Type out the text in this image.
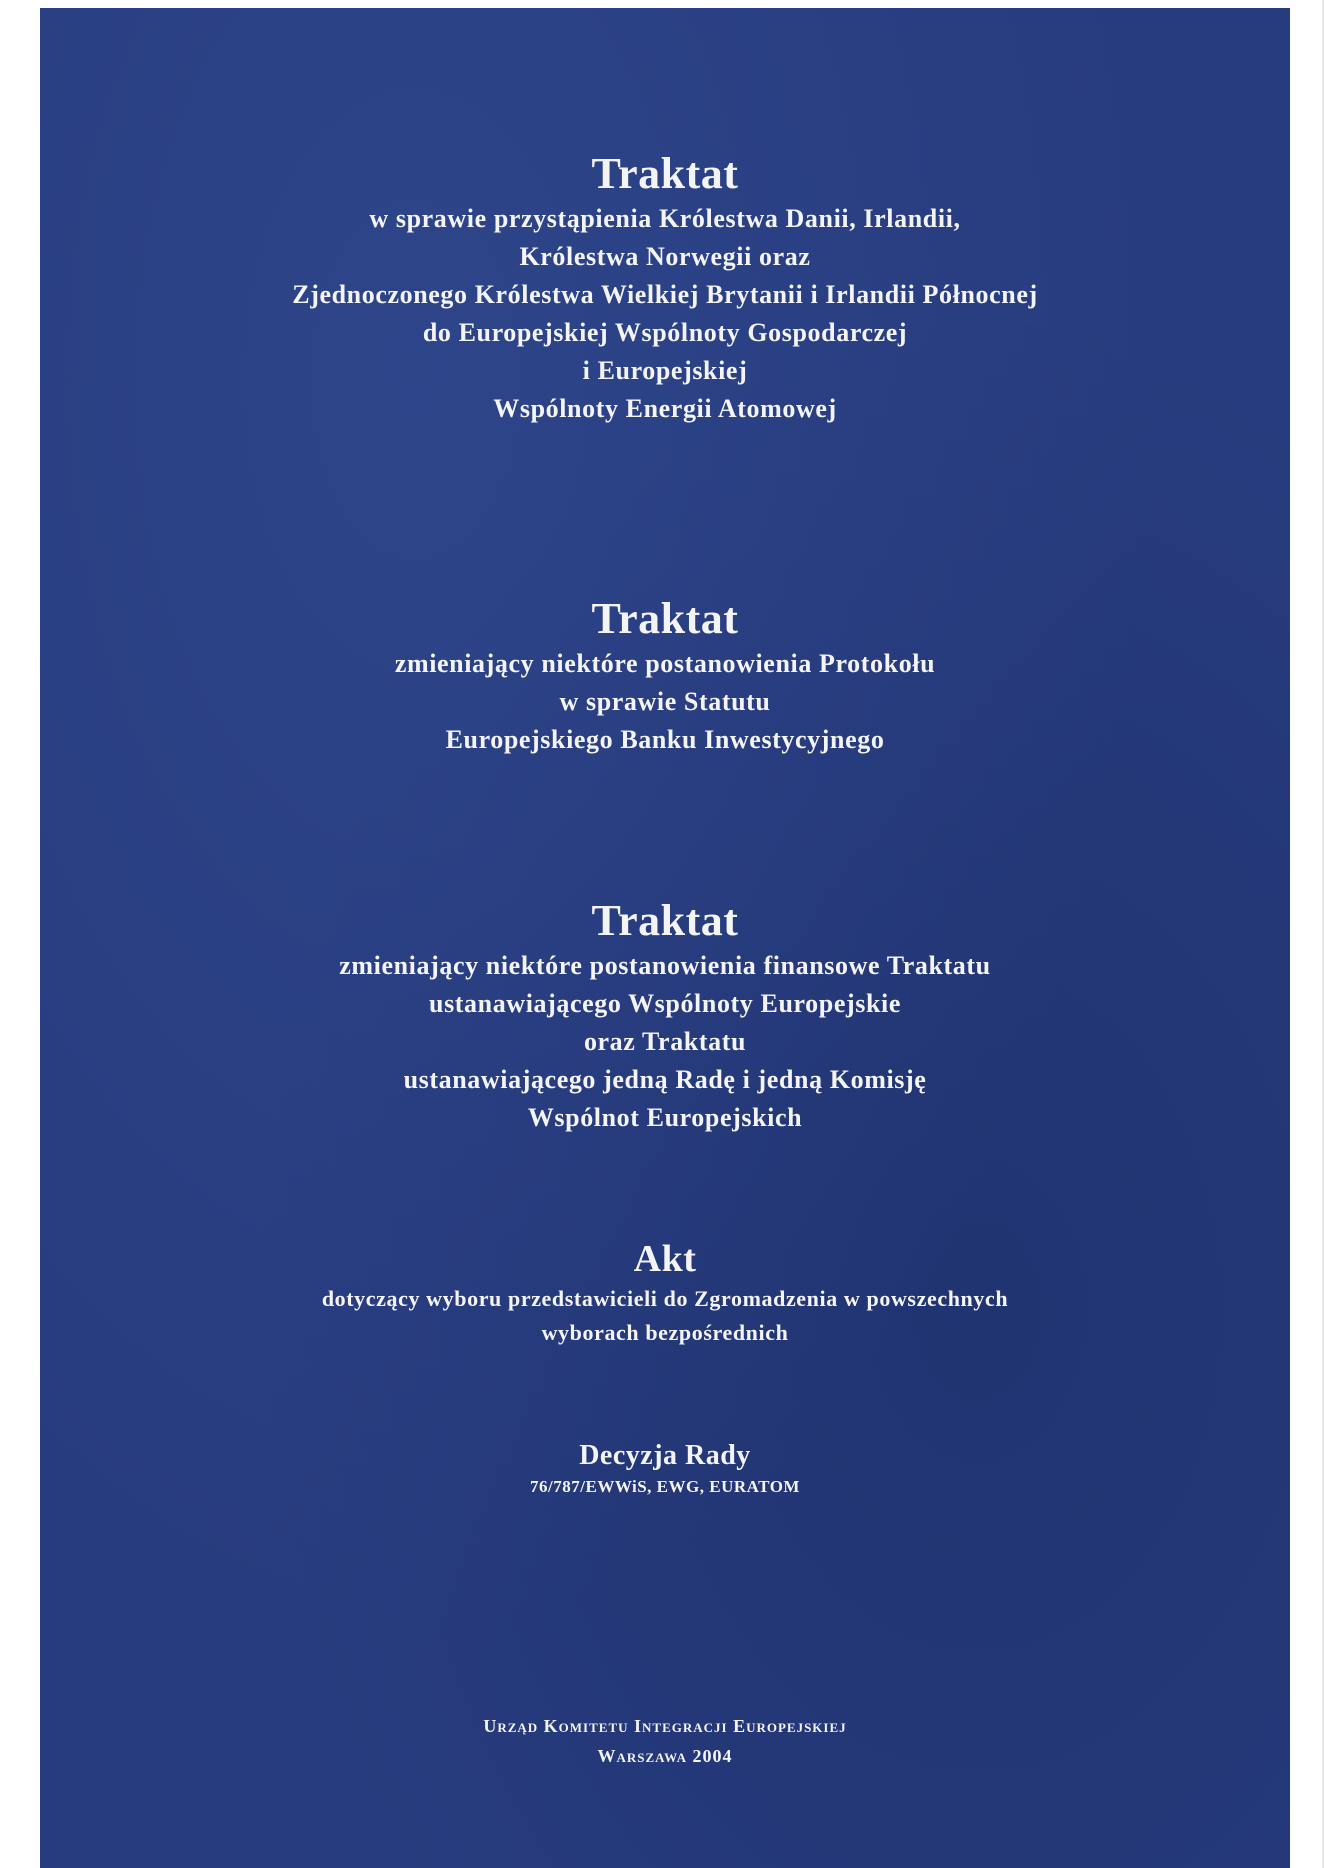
Traktat
w sprawie przystąpienia Królestwa Danii, Irlandii,
Królestwa Norwegii oraz
Zjednoczonego Królestwa Wielkiej Brytanii i Irlandii Północnej
do Europejskiej Wspólnoty Gospodarczej
i Europejskiej
Wspólnoty Energii Atomowej
Traktat
zmieniający niektóre postanowienia Protokołu
w sprawie Statutu
Europejskiego Banku Inwestycyjnego
Traktat
zmieniający niektóre postanowienia finansowe Traktatu
ustanawiającego Wspólnoty Europejskie
oraz Traktatu
ustanawiającego jedną Radę i jedną Komisję
Wspólnot Europejskich
Akt
dotyczący wyboru przedstawicieli do Zgromadzenia w powszechnych
wyborach bezpośrednich
Decyzja Rady
76/787/EWWiS, EWG, EURATOM
Urząd Komitetu Integracji Europejskiej
Warszawa 2004
